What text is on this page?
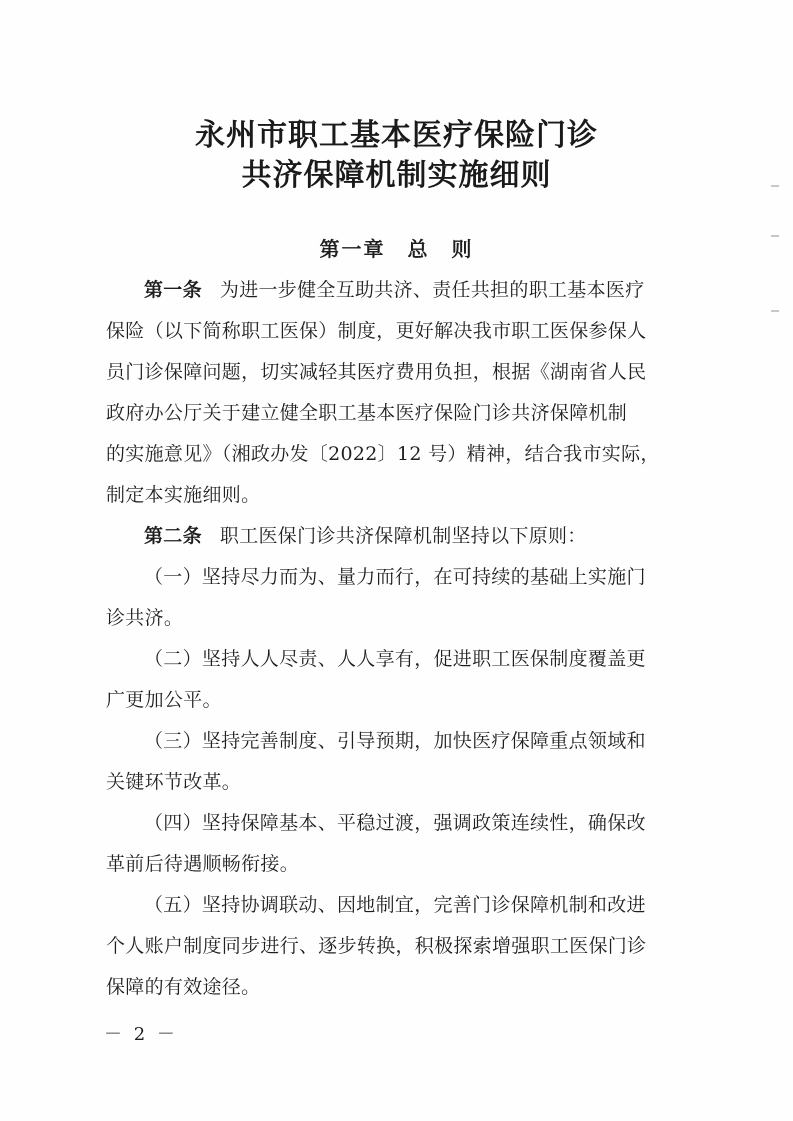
永州市职工基本医疗保险门诊
共济保障机制实施细则
第一章 总　则
第一条 为进一步健全互助共济、责任共担的职工基本医疗
保险（以下简称职工医保）制度，更好解决我市职工医保参保人
员门诊保障问题，切实减轻其医疗费用负担，根据《湖南省人民
政府办公厅关于建立健全职工基本医疗保险门诊共济保障机制
的实施意见》（湘政办发〔2022〕12 号）精神，结合我市实际，
制定本实施细则。
第二条 职工医保门诊共济保障机制坚持以下原则：
（一）坚持尽力而为、量力而行，在可持续的基础上实施门
诊共济。
（二）坚持人人尽责、人人享有，促进职工医保制度覆盖更
广更加公平。
（三）坚持完善制度、引导预期，加快医疗保障重点领域和
关键环节改革。
（四）坚持保障基本、平稳过渡，强调政策连续性，确保改
革前后待遇顺畅衔接。
（五）坚持协调联动、因地制宜，完善门诊保障机制和改进
个人账户制度同步进行、逐步转换，积极探索增强职工医保门诊
保障的有效途径。
－ 2 －
